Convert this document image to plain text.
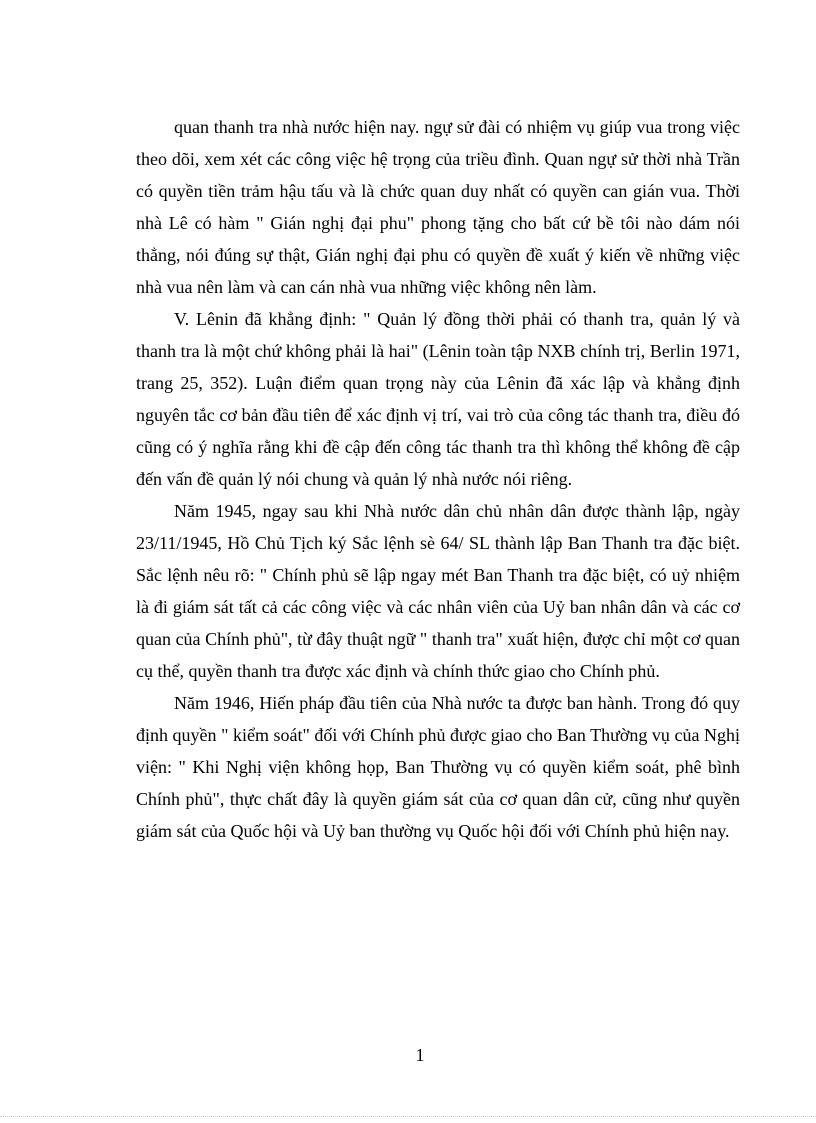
quan thanh tra nhà nước hiện nay. ngự sử đài có nhiệm vụ giúp vua trong việc theo dõi, xem xét các công việc hệ trọng của triều đình. Quan ngự sử thời nhà Trần có quyền tiền trảm hậu tấu và là chức quan duy nhất có quyền can gián vua. Thời nhà Lê có hàm " Gián nghị đại phu" phong tặng cho bất cứ bề tôi nào dám nói thẳng, nói đúng sự thật, Gián nghị đại phu có quyền đề xuất ý kiến về những việc nhà vua nên làm và can cán nhà vua những việc không nên làm.

V. Lênin đã khẳng định: " Quản lý đồng thời phải có thanh tra, quản lý và thanh tra là một chứ không phải là hai" (Lênin toàn tập NXB chính trị, Berlin 1971, trang 25, 352). Luận điểm quan trọng này của Lênin đã xác lập và khẳng định nguyên tắc cơ bản đầu tiên để xác định vị trí, vai trò của công tác thanh tra, điều đó cũng có ý nghĩa rằng khi đề cập đến công tác thanh tra thì không thể không đề cập đến vấn đề quản lý nói chung và quản lý nhà nước nói riêng.

Năm 1945, ngay sau khi Nhà nước dân chủ nhân dân được thành lập, ngày 23/11/1945, Hồ Chủ Tịch ký Sắc lệnh sè 64/ SL thành lập Ban Thanh tra đặc biệt. Sắc lệnh nêu rõ: " Chính phủ sẽ lập ngay mét Ban Thanh tra đặc biệt, có uỷ nhiệm là đi giám sát tất cả các công việc và các nhân viên của Uỷ ban nhân dân và các cơ quan của Chính phủ", từ đây thuật ngữ " thanh tra" xuất hiện, được chỉ một cơ quan cụ thể, quyền thanh tra được xác định và chính thức giao cho Chính phủ.

Năm 1946, Hiến pháp đầu tiên của Nhà nước ta được ban hành. Trong đó quy định quyền " kiểm soát" đối với Chính phủ được giao cho Ban Thường vụ của Nghị viện: " Khi Nghị viện không họp, Ban Thường vụ có quyền kiểm soát, phê bình Chính phủ", thực chất đây là quyền giám sát của cơ quan dân cử, cũng như quyền giám sát của Quốc hội và Uỷ ban thường vụ Quốc hội đối với Chính phủ hiện nay.

1
